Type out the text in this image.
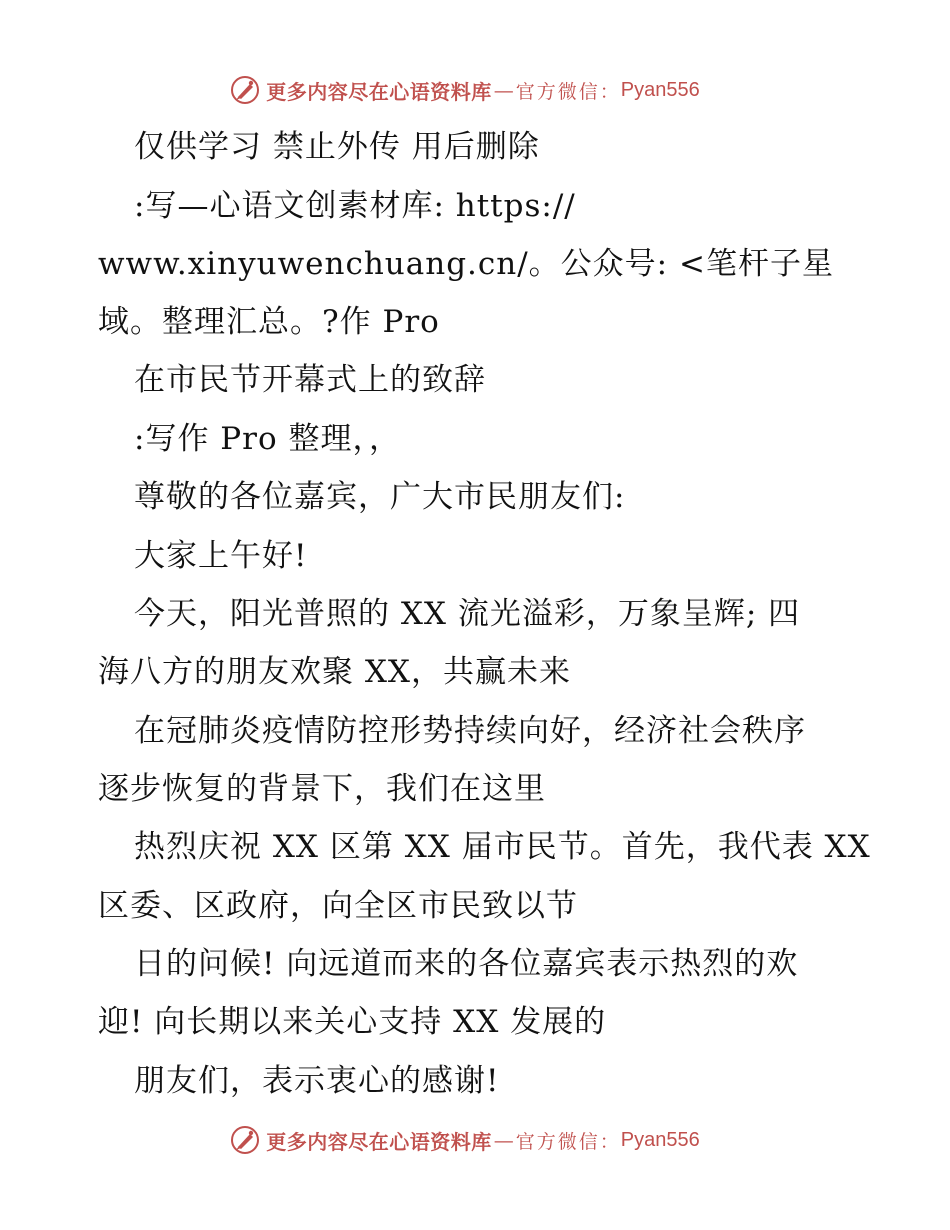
更多内容尽在心语资料库 — 官方微信： Pyan556
仅供学习 禁止外传 用后删除
:写—心语文创素材库: https://
www.xinyuwenchuang.cn/。公众号: <笔杆子星
域。整理汇总。?作 Pro
在市民节开幕式上的致辞
:写作 Pro 整理，，
尊敬的各位嘉宾，广大市民朋友们:
大家上午好!
今天，阳光普照的 XX 流光溢彩，万象呈辉; 四
海八方的朋友欢聚 XX，共赢未来
在冠肺炎疫情防控形势持续向好，经济社会秩序
逐步恢复的背景下，我们在这里
热烈庆祝 XX 区第 XX 届市民节。首先，我代表 XX
区委、区政府，向全区市民致以节
日的问候! 向远道而来的各位嘉宾表示热烈的欢
迎! 向长期以来关心支持 XX 发展的
朋友们，表示衷心的感谢!
更多内容尽在心语资料库 — 官方微信： Pyan556
